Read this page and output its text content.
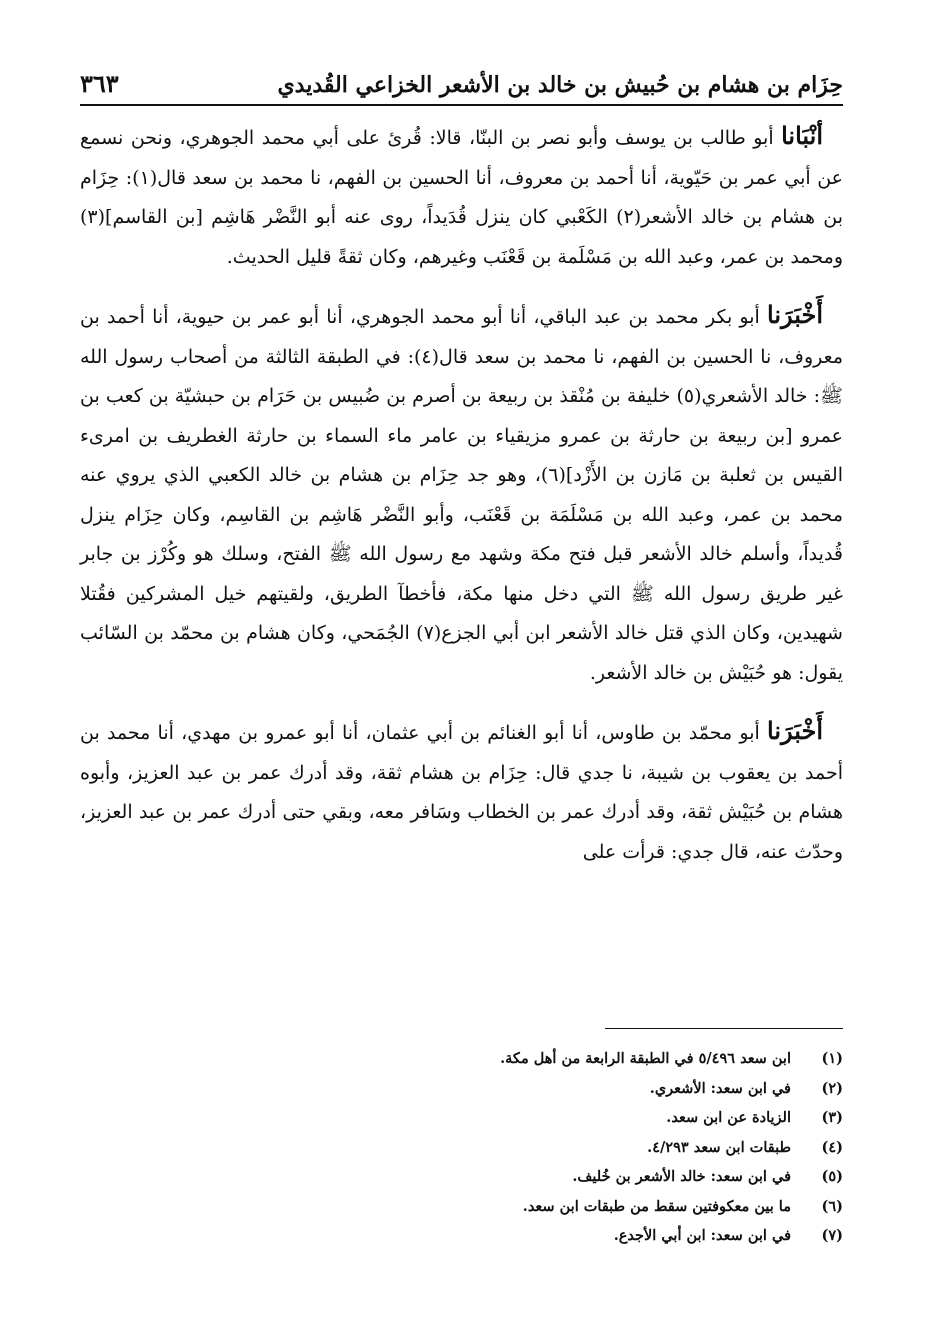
حِزَام بن هشام بن حُبيش بن خالد بن الأشعر الخزاعي القُديدي
٣٦٣

أنْبَانا أبو طالب بن يوسف وأبو نصر بن البنّا، قالا: قُرئ على أبي محمد الجوهري، ونحن نسمع عن أبي عمر بن حَيّوية، أنا أحمد بن معروف، أنا الحسين بن الفهم، نا محمد بن سعد قال(١): حِزَام بن هشام بن خالد الأشعر(٢) الكَعْبي كان ينزل قُدَيداً، روى عنه أبو النَّضْر هَاشِم [بن القاسم](٣) ومحمد بن عمر، وعبد الله بن مَسْلَمة بن قَعْنَب وغيرهم، وكان ثقةً قليل الحديث.

أَخْبَرَنا أبو بكر محمد بن عبد الباقي، أنا أبو محمد الجوهري، أنا أبو عمر بن حيوية، أنا أحمد بن معروف، نا الحسين بن الفهم، نا محمد بن سعد قال(٤): في الطبقة الثالثة من أصحاب رسول الله ﷺ: خالد الأشعري(٥) خليفة بن مُنْقذ بن ربيعة بن أصرم بن ضُبيس بن حَرَام بن حبشيّة بن كعب بن عمرو [بن ربيعة بن حارثة بن عمرو مزيقياء بن عامر ماء السماء بن حارثة الغطريف بن امرىء القيس بن ثعلبة بن مَازن بن الأَزْد](٦)، وهو جد حِزَام بن هشام بن خالد الكعبي الذي يروي عنه محمد بن عمر، وعبد الله بن مَسْلَمَة بن قَعْنَب، وأبو النَّضْر هَاشِم بن القاسِم، وكان حِزَام ينزل قُديداً، وأسلم خالد الأشعر قبل فتح مكة وشهد مع رسول الله ﷺ الفتح، وسلك هو وكُرْز بن جابر غير طريق رسول الله ﷺ التي دخل منها مكة، فأخطآ الطريق، ولقيتهم خيل المشركين فقُتلا شهيدين، وكان الذي قتل خالد الأشعر ابن أبي الجزع(٧) الجُمَحي، وكان هشام بن محمّد بن السّائب يقول: هو حُبَيْش بن خالد الأشعر.

أَخْبَرَنا أبو محمّد بن طاوس، أنا أبو الغنائم بن أبي عثمان، أنا أبو عمرو بن مهدي، أنا محمد بن أحمد بن يعقوب بن شيبة، نا جدي قال: حِزَام بن هشام ثقة، وقد أدرك عمر بن عبد العزيز، وأبوه هشام بن حُبَيْش ثقة، وقد أدرك عمر بن الخطاب وسَافر معه، وبقي حتى أدرك عمر بن عبد العزيز، وحدّث عنه، قال جدي: قرأت على

(١)
ابن سعد ٥/٤٩٦ في الطبقة الرابعة من أهل مكة.
(٢)
في ابن سعد: الأشعري.
(٣)
الزيادة عن ابن سعد.
(٤)
طبقات ابن سعد ٤/٢٩٣.
(٥)
في ابن سعد: خالد الأشعر بن خُليف.
(٦)
ما بين معكوفتين سقط من طبقات ابن سعد.
(٧)
في ابن سعد: ابن أبي الأجدع.
